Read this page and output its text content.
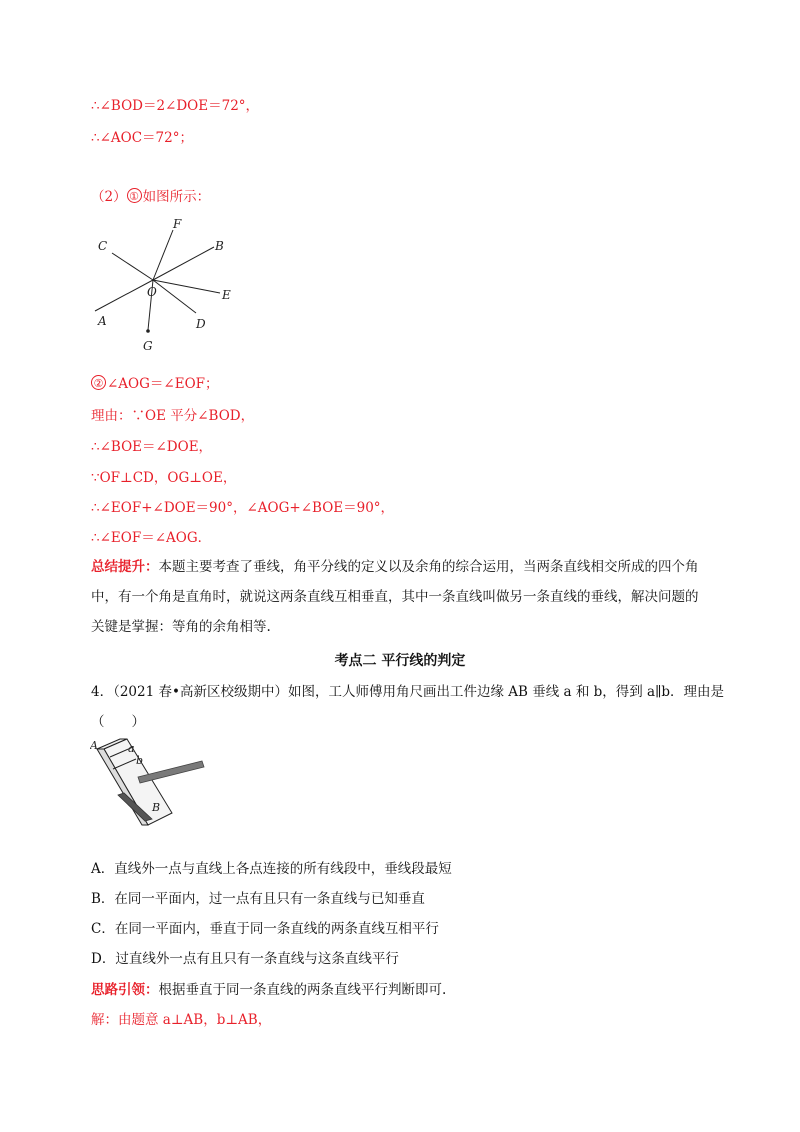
∴∠BOD＝2∠DOE＝72°，
∴∠AOC＝72°；
（2） ① 如图所示：
C
F
B
O	E
A	D
G
② ∠AOG＝∠EOF；
理由：∵OE 平分∠BOD，
∴∠BOE＝∠DOE，
∵OF⊥CD，OG⊥OE，
∴∠EOF+∠DOE＝90°，∠AOG+∠BOE＝90°，
∴∠EOF＝∠AOG．
总结提升：本题主要考查了垂线，角平分线的定义以及余角的综合运用，当两条直线相交所成的四个角
中，有一个角是直角时，就说这两条直线互相垂直，其中一条直线叫做另一条直线的垂线，解决问题的
关键是掌握：等角的余角相等.
考点二 平行线的判定
4．（2021 春•高新区校级期中）如图，工人师傅用角尺画出工件边缘 AB 垂线 a 和 b，得到 a∥b．理由是
（　　）
A	a
b
B
A．直线外一点与直线上各点连接的所有线段中，垂线段最短
B．在同一平面内，过一点有且只有一条直线与已知垂直
C．在同一平面内，垂直于同一条直线的两条直线互相平行
D．过直线外一点有且只有一条直线与这条直线平行
思路引领：根据垂直于同一条直线的两条直线平行判断即可.
解：由题意 a⊥AB，b⊥AB，
